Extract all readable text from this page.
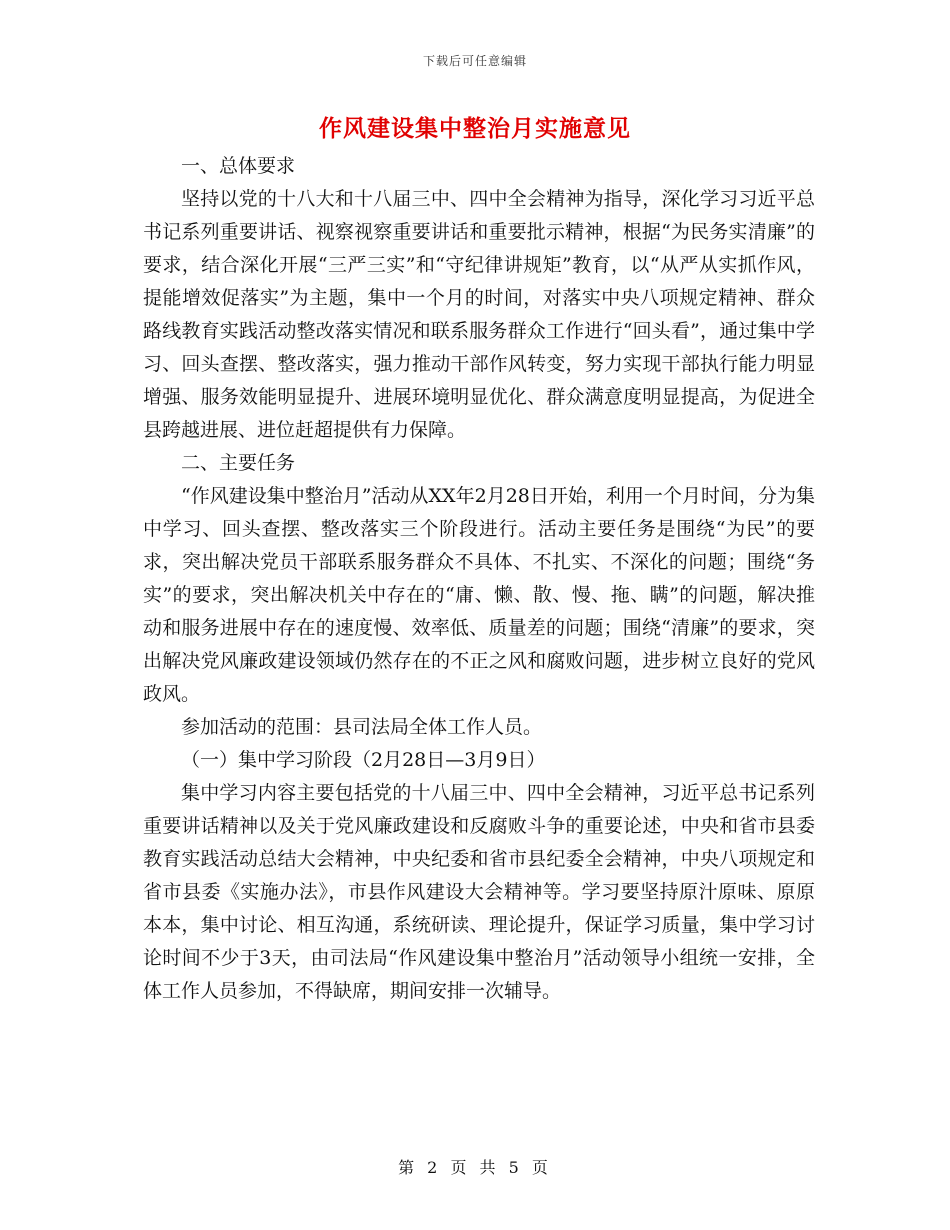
下载后可任意编辑
作风建设集中整治月实施意见

一、总体要求

坚持以党的十八大和十八届三中、四中全会精神为指导，深化学习习近平总书记系列重要讲话、视察视察重要讲话和重要批示精神，根据“为民务实清廉”的要求，结合深化开展“三严三实”和“守纪律讲规矩”教育，以“从严从实抓作风，提能增效促落实”为主题，集中一个月的时间，对落实中央八项规定精神、群众路线教育实践活动整改落实情况和联系服务群众工作进行“回头看”，通过集中学习、回头查摆、整改落实，强力推动干部作风转变，努力实现干部执行能力明显增强、服务效能明显提升、进展环境明显优化、群众满意度明显提高，为促进全县跨越进展、进位赶超提供有力保障。

二、主要任务

“作风建设集中整治月”活动从XX年2月28日开始，利用一个月时间，分为集中学习、回头查摆、整改落实三个阶段进行。活动主要任务是围绕“为民”的要求，突出解决党员干部联系服务群众不具体、不扎实、不深化的问题；围绕“务实”的要求，突出解决机关中存在的“庸、懒、散、慢、拖、瞒”的问题，解决推动和服务进展中存在的速度慢、效率低、质量差的问题；围绕“清廉”的要求，突出解决党风廉政建设领域仍然存在的不正之风和腐败问题，进步树立良好的党风政风。

参加活动的范围：县司法局全体工作人员。

（一）集中学习阶段（2月28日—3月9日）

集中学习内容主要包括党的十八届三中、四中全会精神，习近平总书记系列重要讲话精神以及关于党风廉政建设和反腐败斗争的重要论述，中央和省市县委教育实践活动总结大会精神，中央纪委和省市县纪委全会精神，中央八项规定和省市县委《实施办法》，市县作风建设大会精神等。学习要坚持原汁原味、原原本本，集中讨论、相互沟通，系统研读、理论提升，保证学习质量，集中学习讨论时间不少于3天，由司法局“作风建设集中整治月”活动领导小组统一安排，全体工作人员参加，不得缺席，期间安排一次辅导。

第 2 页 共 5 页
